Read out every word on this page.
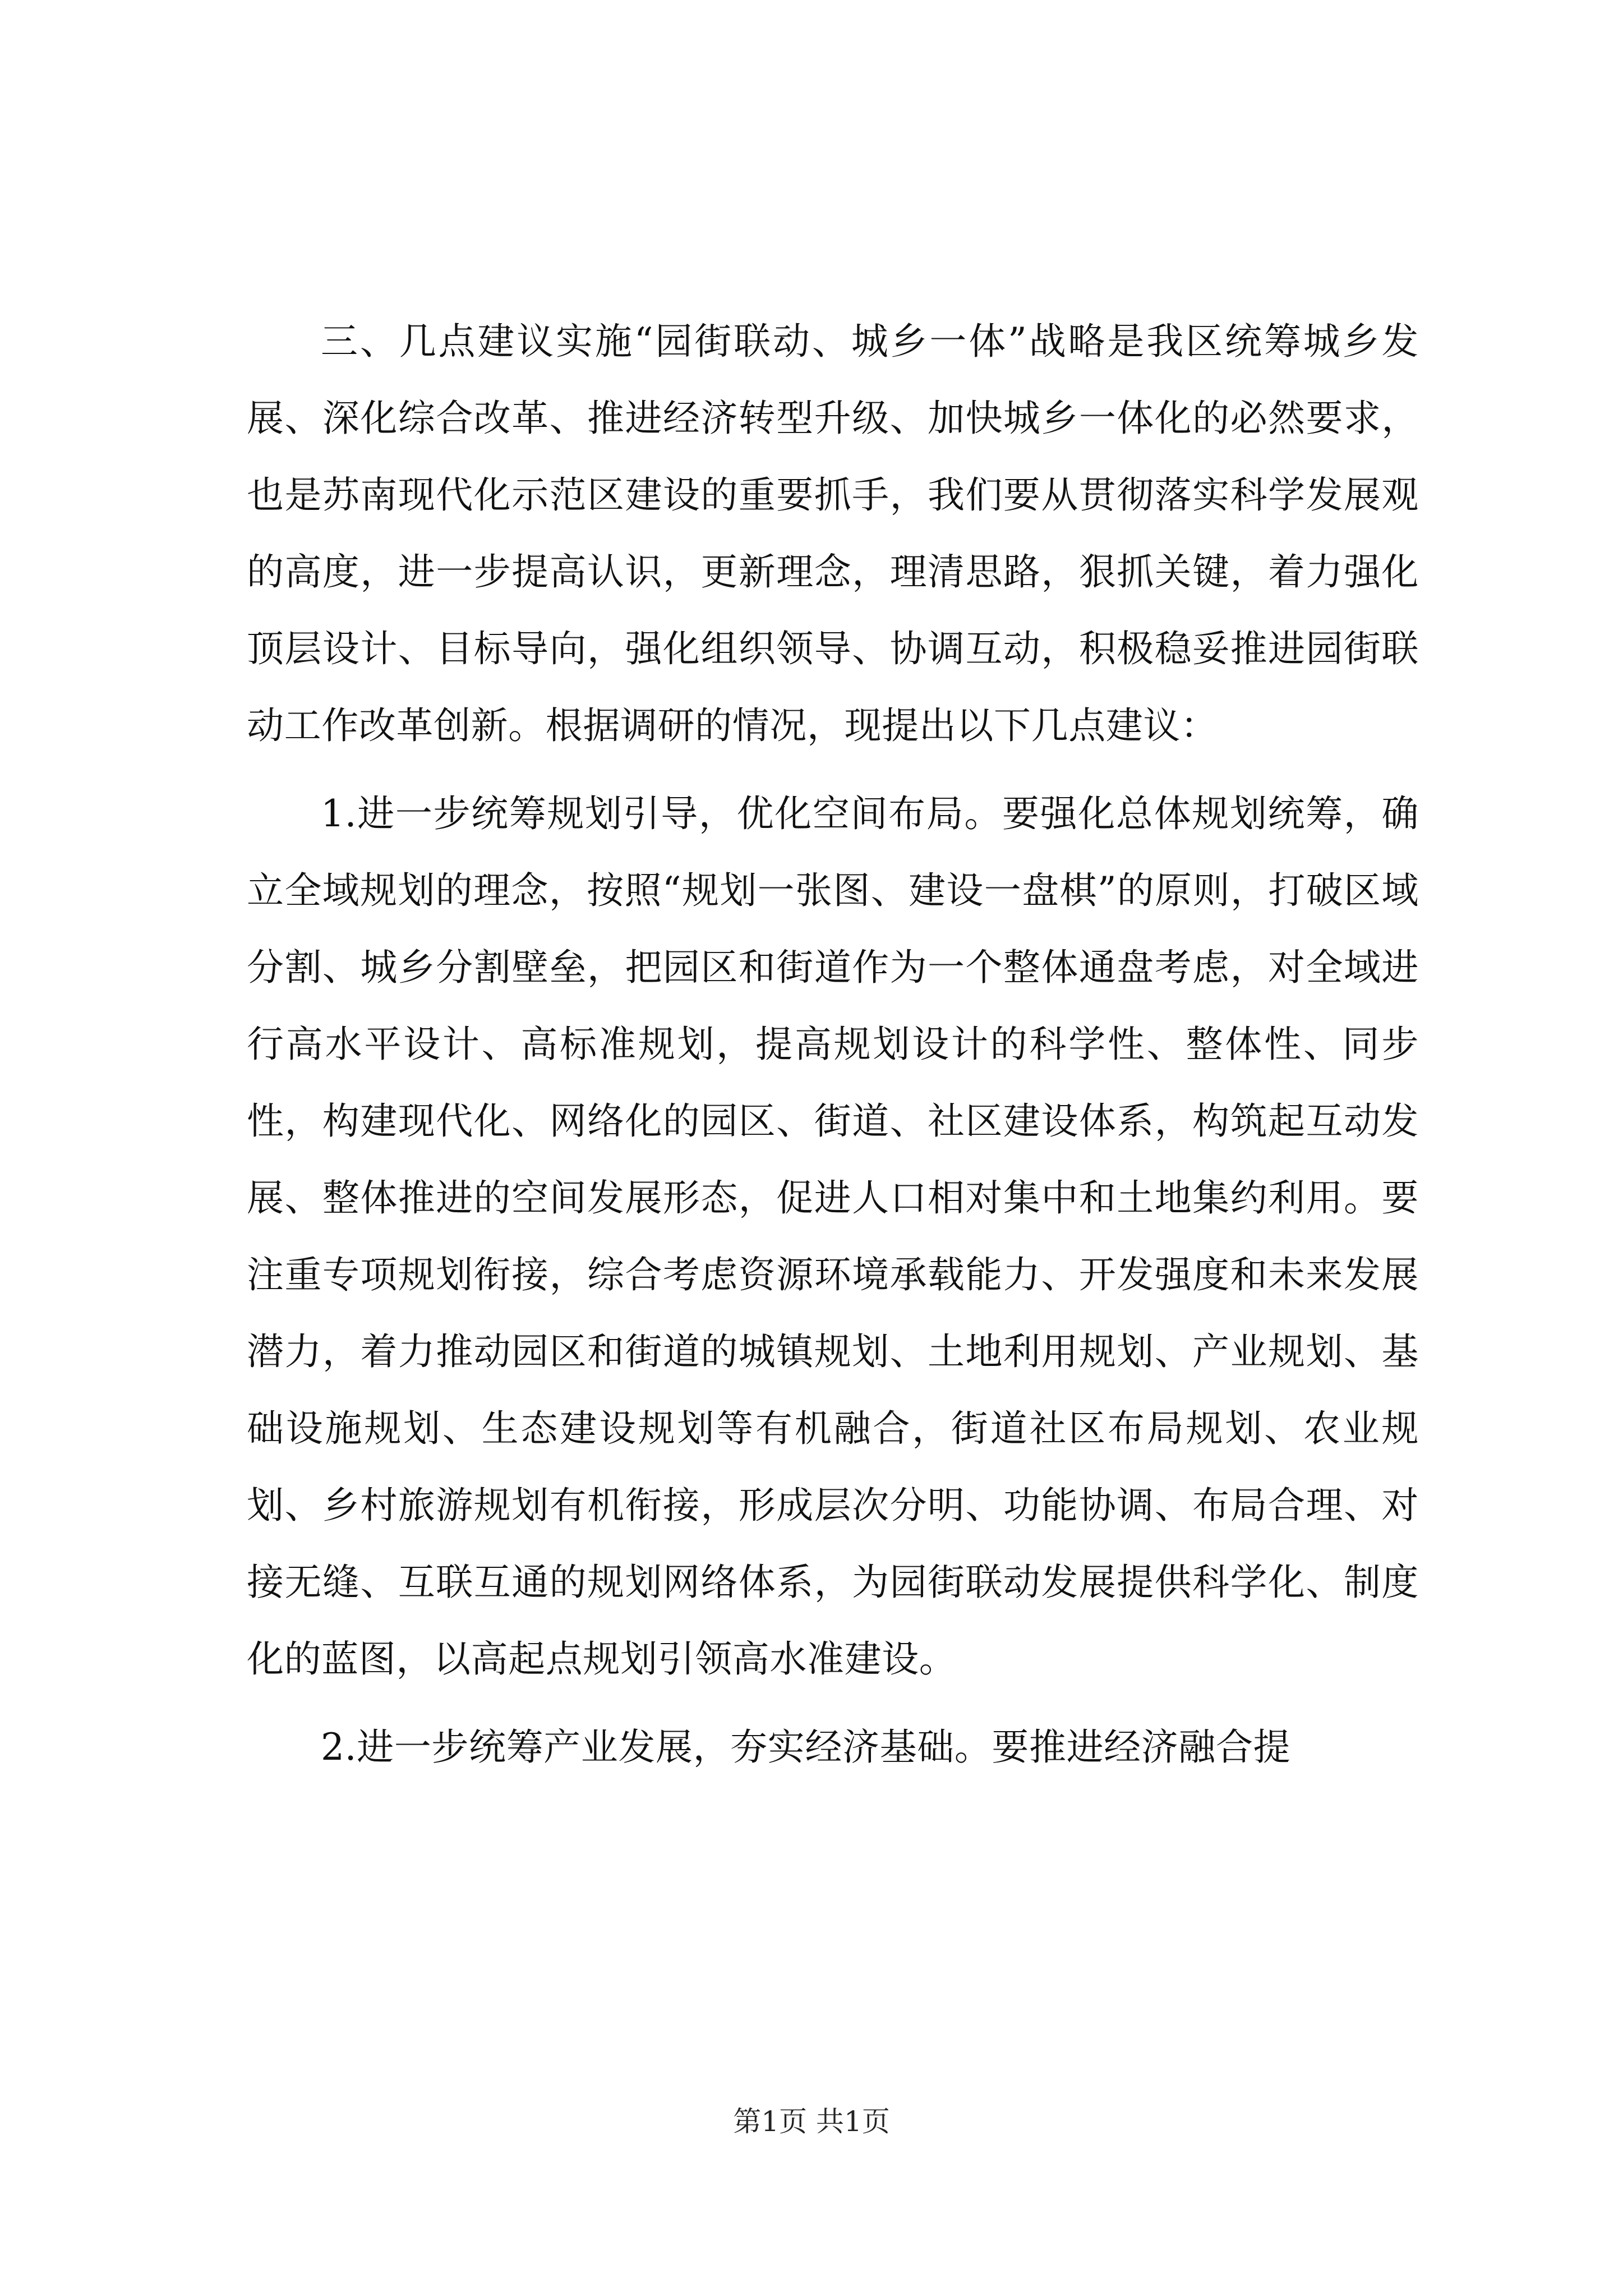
三、几点建议实施“园街联动、城乡一体”战略是我区统筹城乡发展、深化综合改革、推进经济转型升级、加快城乡一体化的必然要求，也是苏南现代化示范区建设的重要抓手，我们要从贯彻落实科学发展观的高度，进一步提高认识，更新理念，理清思路，狠抓关键，着力强化顶层设计、目标导向，强化组织领导、协调互动，积极稳妥推进园街联动工作改革创新。根据调研的情况，现提出以下几点建议：

1.进一步统筹规划引导，优化空间布局。要强化总体规划统筹，确立全域规划的理念，按照“规划一张图、建设一盘棋”的原则，打破区域分割、城乡分割壁垒，把园区和街道作为一个整体通盘考虑，对全域进行高水平设计、高标准规划，提高规划设计的科学性、整体性、同步性，构建现代化、网络化的园区、街道、社区建设体系，构筑起互动发展、整体推进的空间发展形态，促进人口相对集中和土地集约利用。要注重专项规划衔接，综合考虑资源环境承载能力、开发强度和未来发展潜力，着力推动园区和街道的城镇规划、土地利用规划、产业规划、基础设施规划、生态建设规划等有机融合，街道社区布局规划、农业规划、乡村旅游规划有机衔接，形成层次分明、功能协调、布局合理、对接无缝、互联互通的规划网络体系，为园街联动发展提供科学化、制度化的蓝图，以高起点规划引领高水准建设。

2.进一步统筹产业发展，夯实经济基础。要推进经济融合提

第1页 共1页
